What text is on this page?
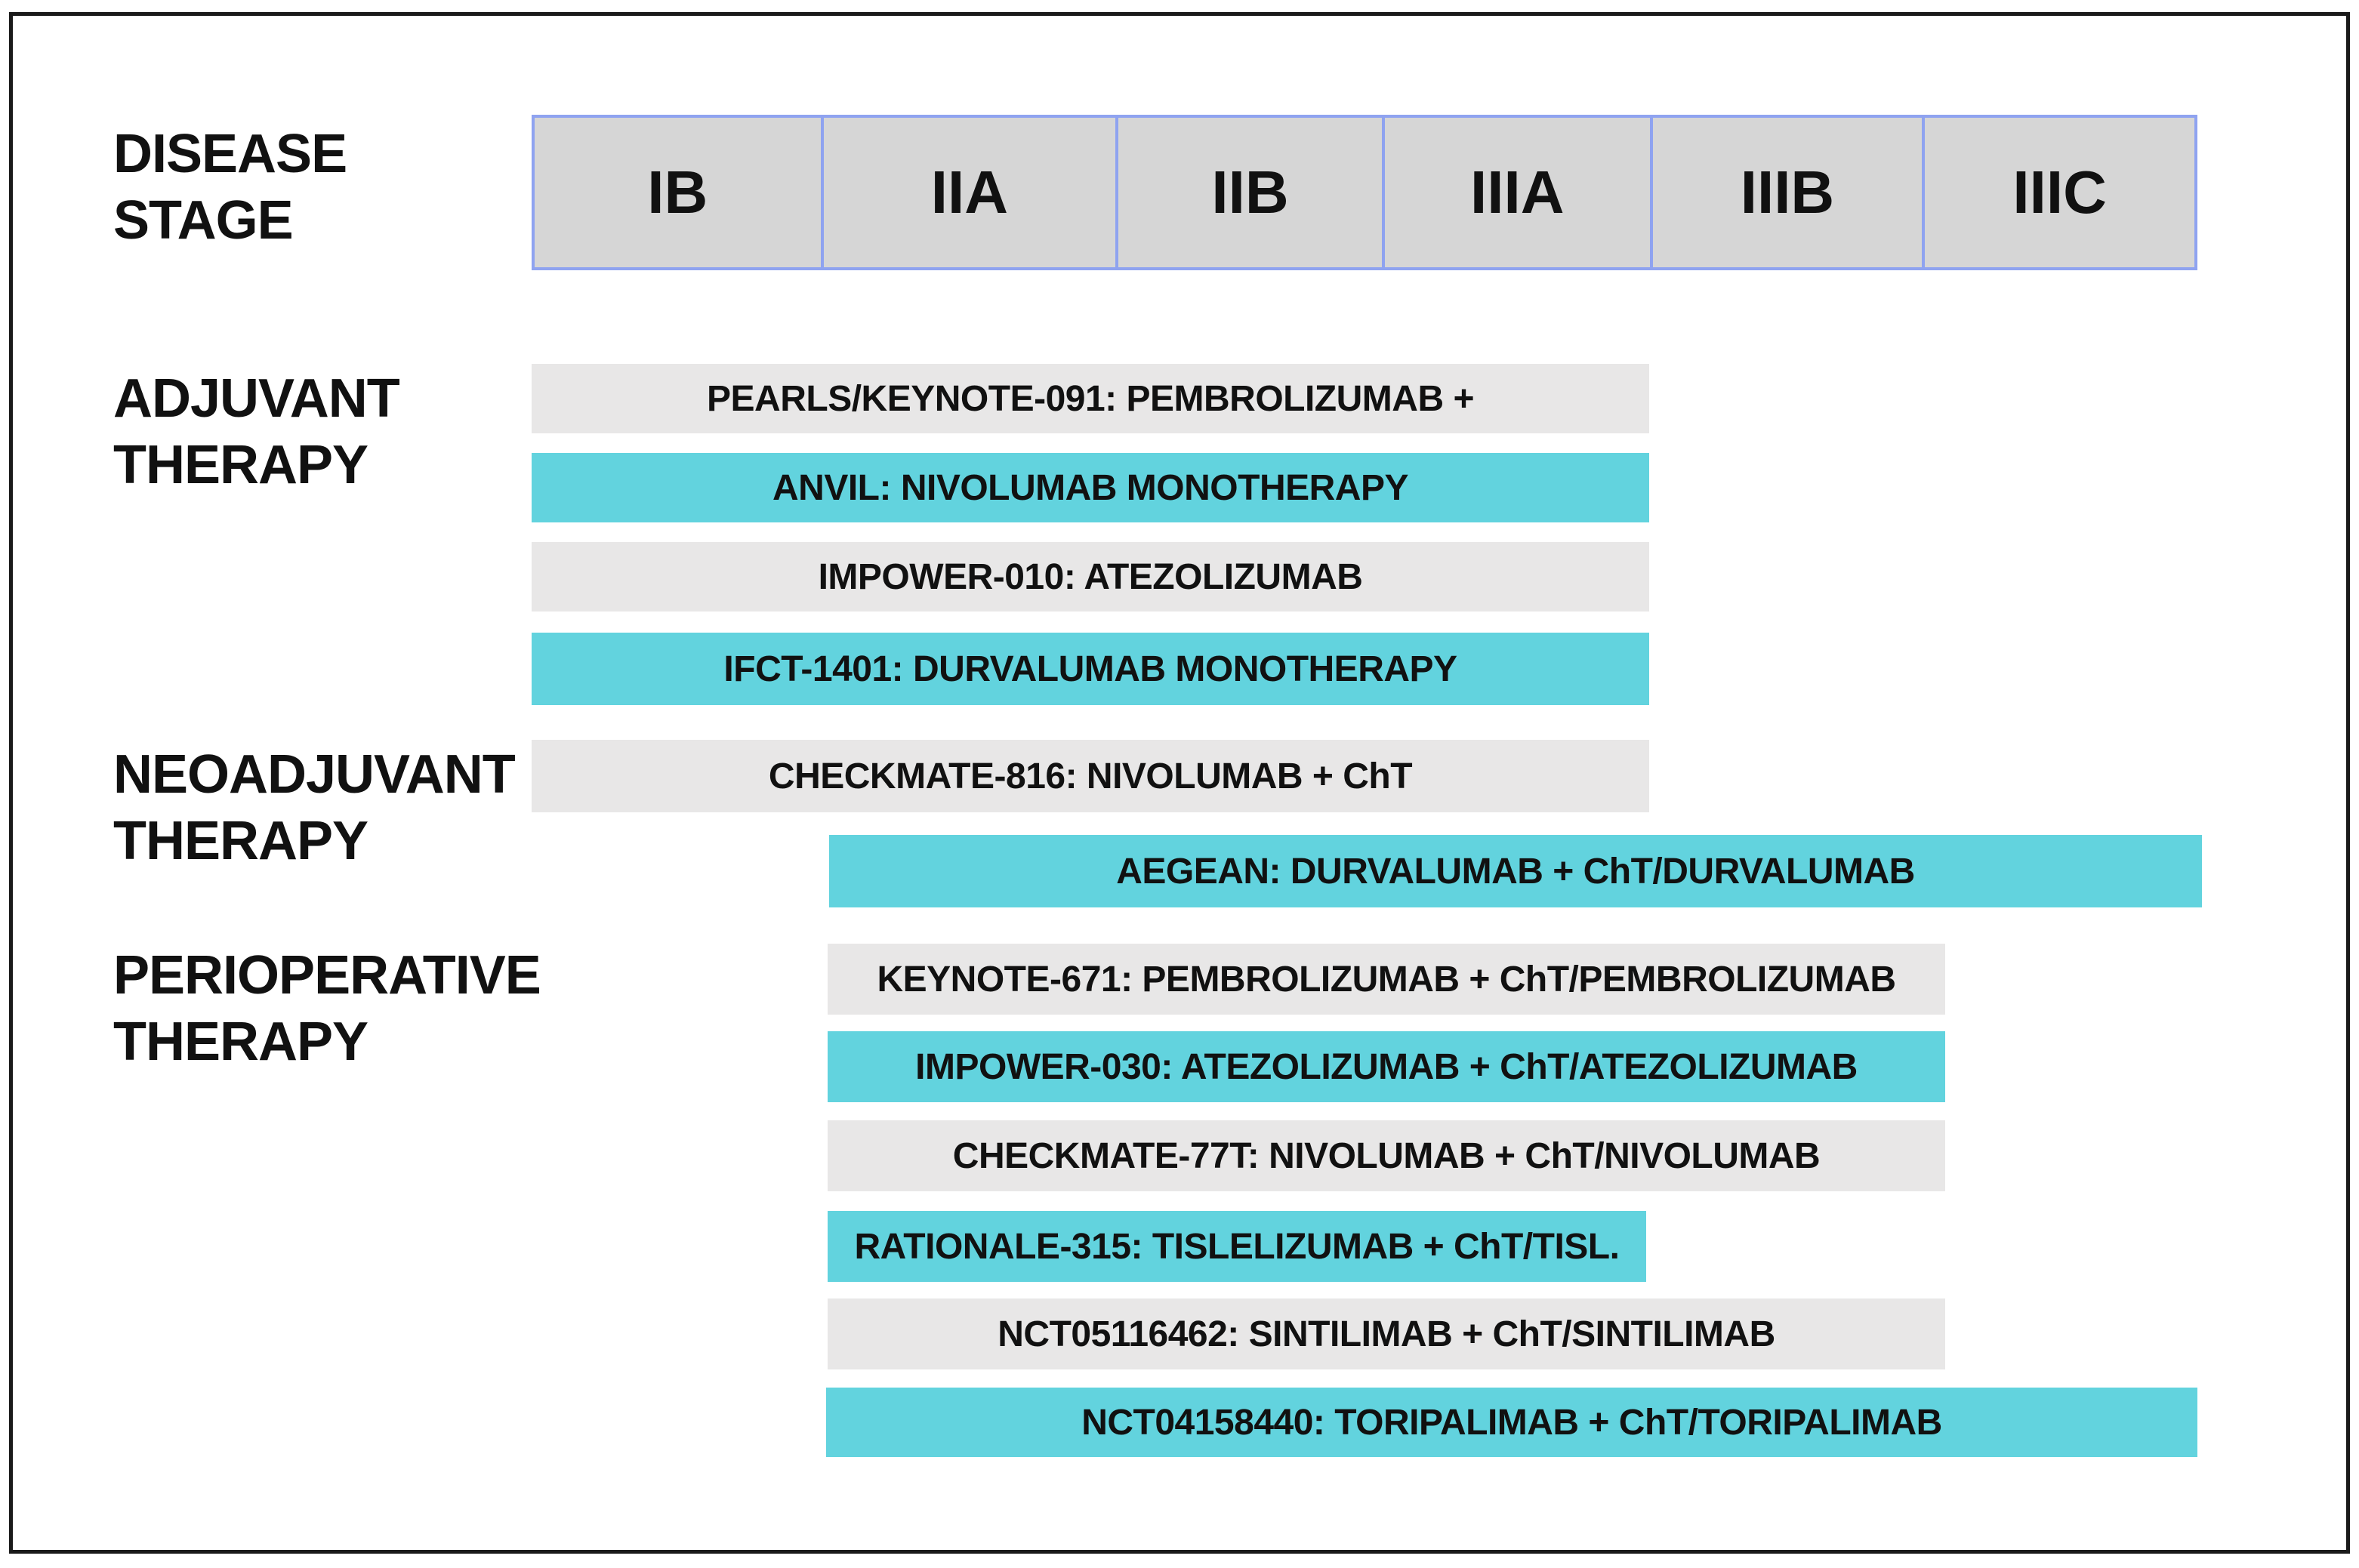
DISEASE
STAGE
ADJUVANT
THERAPY
NEOADJUVANT
THERAPY
PERIOPERATIVE
THERAPY
IB	IIA	IIB	IIIA	IIIB	IIIC
PEARLS/KEYNOTE-091: PEMBROLIZUMAB +
ANVIL: NIVOLUMAB MONOTHERAPY
IMPOWER-010: ATEZOLIZUMAB
IFCT-1401: DURVALUMAB MONOTHERAPY
CHECKMATE-816: NIVOLUMAB + ChT
AEGEAN: DURVALUMAB + ChT/DURVALUMAB
KEYNOTE-671: PEMBROLIZUMAB + ChT/PEMBROLIZUMAB
IMPOWER-030: ATEZOLIZUMAB + ChT/ATEZOLIZUMAB
CHECKMATE-77T: NIVOLUMAB + ChT/NIVOLUMAB
RATIONALE-315: TISLELIZUMAB + ChT/TISL.
NCT05116462: SINTILIMAB + ChT/SINTILIMAB
NCT04158440: TORIPALIMAB + ChT/TORIPALIMAB
